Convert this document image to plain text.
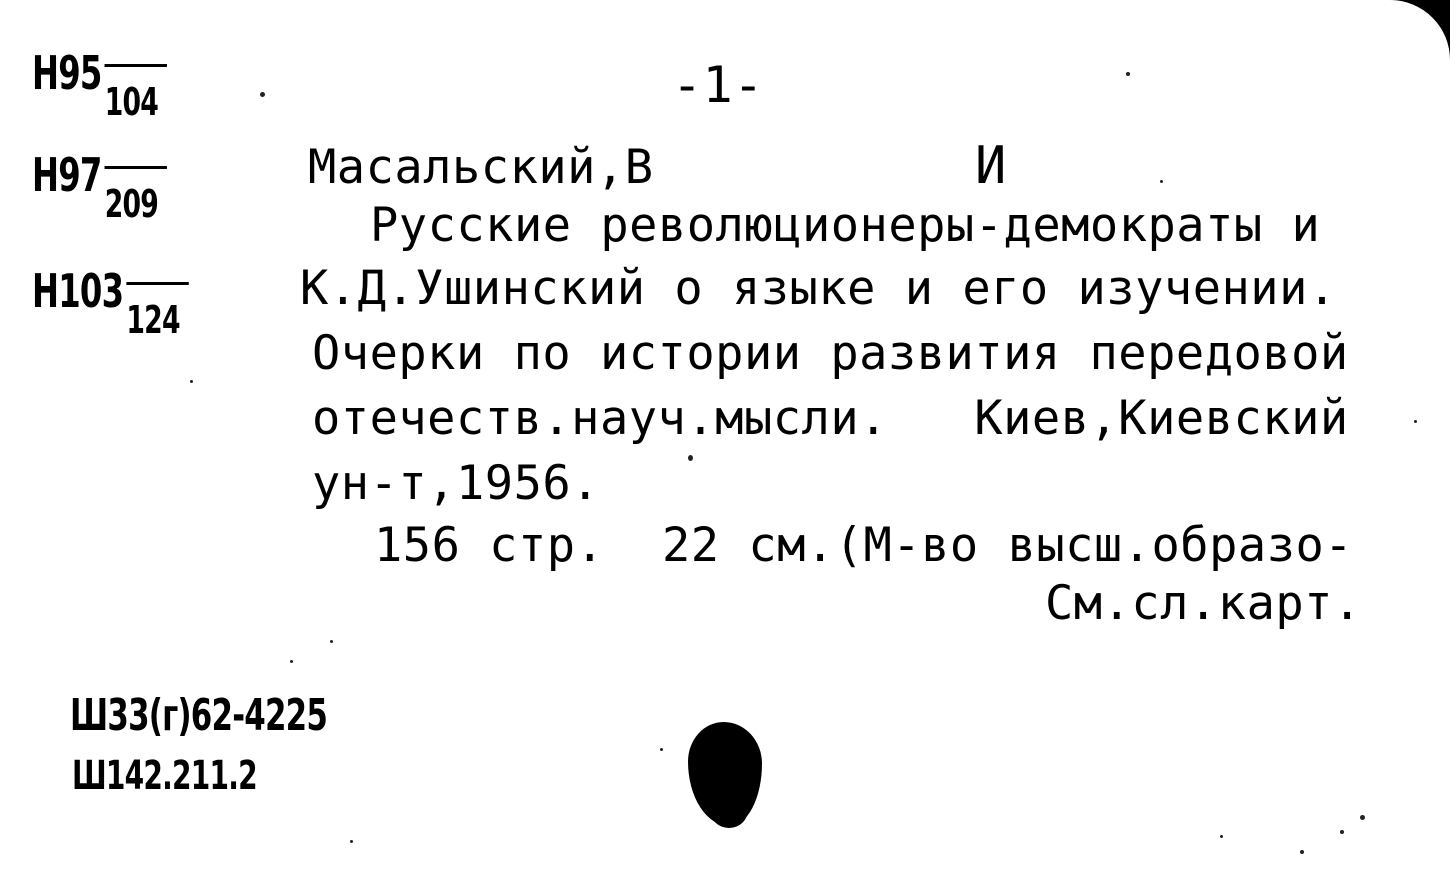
-1-
Н95
104
Н97
209
Н103
124
Масальский,В	И
Русские революционеры-демократы и
К.Д.Ушинский о языке и его изучении.
Очерки по истории развития передовой
отечеств.науч.мысли.   Киев,Киевский
ун-т,1956.
156 стр.  22 см.(М-во высш.образо-
См.сл.карт.
Ш33(г)62-4225
Ш142.211.2
